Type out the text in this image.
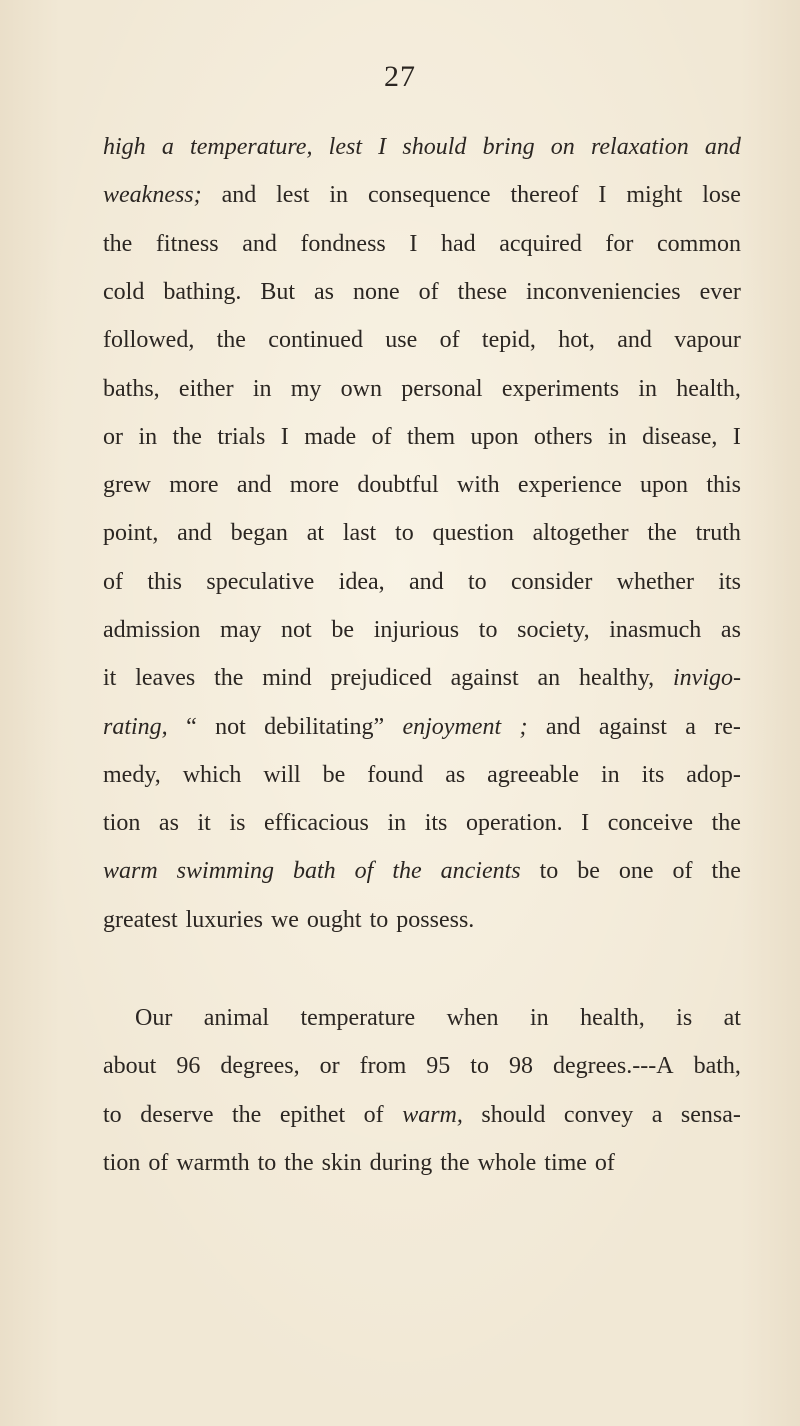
27
high a temperature, lest I should bring on relaxation and
weakness; and lest in consequence thereof I might lose
the fitness and fondness I had acquired for common
cold bathing. But as none of these inconveniencies ever
followed, the continued use of tepid, hot, and vapour
baths, either in my own personal experiments in health,
or in the trials I made of them upon others in disease, I
grew more and more doubtful with experience upon this
point, and began at last to question altogether the truth
of this speculative idea, and to consider whether its
admission may not be injurious to society, inasmuch as
it leaves the mind prejudiced against an healthy, invigo-
rating, “ not debilitating” enjoyment ; and against a re-
medy, which will be found as agreeable in its adop-
tion as it is efficacious in its operation. I conceive the
warm swimming bath of the ancients to be one of the
greatest luxuries we ought to possess.
Our animal temperature when in health, is at
about 96 degrees, or from 95 to 98 degrees.---A bath,
to deserve the epithet of warm, should convey a sensa-
tion of warmth to the skin during the whole time of
